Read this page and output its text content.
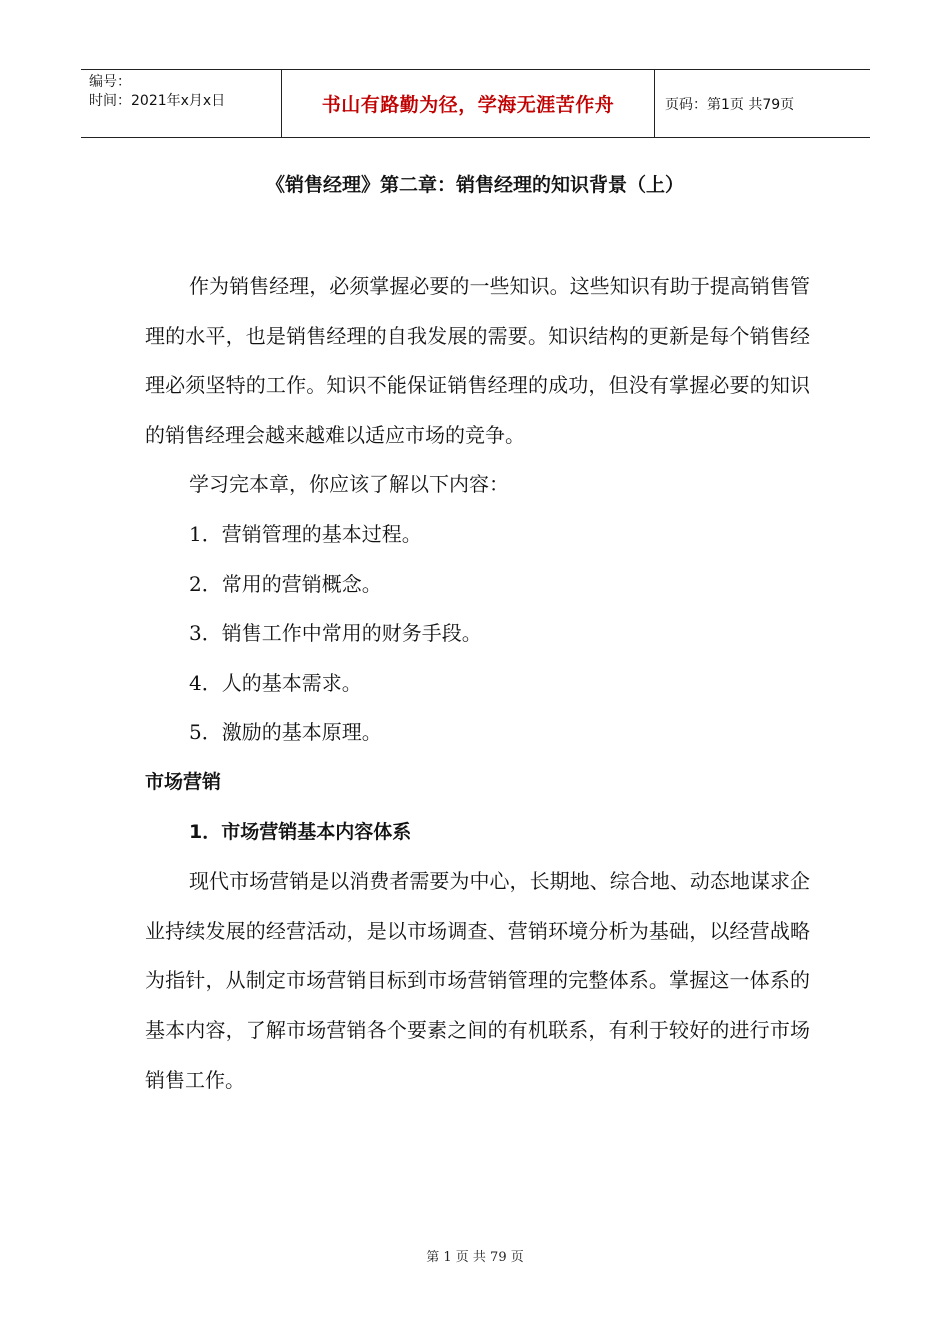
编号：
时间：2021年x月x日	书山有路勤为径，学海无涯苦作舟	页码：第1页 共79页
《销售经理》第二章：销售经理的知识背景（上）

作为销售经理，必须掌握必要的一些知识。这些知识有助于提高销售管理的水平，也是销售经理的自我发展的需要。知识结构的更新是每个销售经理必须坚特的工作。知识不能保证销售经理的成功，但没有掌握必要的知识的销售经理会越来越难以适应市场的竞争。

学习完本章，你应该了解以下内容：

1．营销管理的基本过程。

2．常用的营销概念。

3．销售工作中常用的财务手段。

4．人的基本需求。

5．激励的基本原理。

市场营销

1．市场营销基本内容体系

现代市场营销是以消费者需要为中心，长期地、综合地、动态地谋求企业持续发展的经营活动，是以市场调查、营销环境分析为基础，以经营战略为指针，从制定市场营销目标到市场营销管理的完整体系。掌握这一体系的基本内容，了解市场营销各个要素之间的有机联系，有利于较好的进行市场销售工作。

第 1 页 共 79 页
